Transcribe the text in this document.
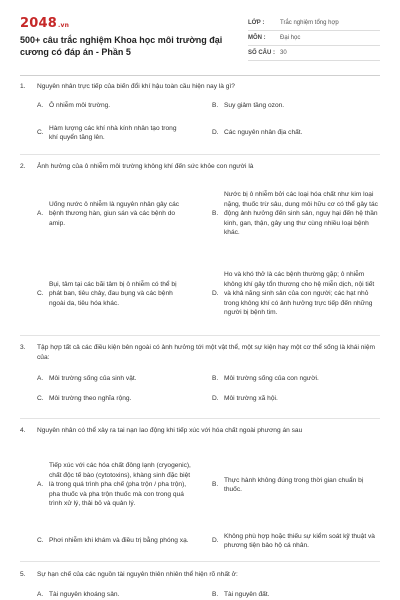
2048.vn
500+ câu trắc nghiệm Khoa học môi trường đại cương có đáp án - Phần 5
LỚP :	Trắc nghiệm tổng hợp
MÔN :	Đại học
SỐ CÂU : 30
1.	Nguyên nhân trực tiếp của biến đổi khí hậu toàn cầu hiện nay là gì?
A. Ô nhiễm môi trường.	B. Suy giảm tầng ozon.
C.
Hàm lượng các khí nhà kính nhân tạo trong khí quyển tăng lên.
D. Các nguyên nhân địa chất.
2.	Ảnh hưởng của ô nhiễm môi trường không khí đến sức khỏe con người là
A.
Uống nước ô nhiễm là nguyên nhân gây các bệnh thương hàn, giun sán và các bệnh do amip.
B.
Nước bị ô nhiễm bởi các loại hóa chất như kim loại nặng, thuốc trừ sâu, dung môi hữu cơ có thể gây tác động ảnh hưởng đến sinh sản, nguy hại đến hệ thần kinh, gan, thận, gây ung thư cùng nhiều loại bệnh khác.
C.
Bụi, tâm tại các bãi tâm bị ô nhiễm có thể bị phát ban, tiêu chảy, đau bụng và các bệnh ngoài da, tiêu hóa khác.
D.
Ho và khó thở là các bệnh thường gặp; ô nhiễm không khí gây tổn thương cho hệ miễn dịch, nội tiết và khả năng sinh sản của con người; các hạt nhỏ trong không khí có ảnh hưởng trực tiếp đến những người bị bệnh tim.
3.	Tập hợp tất cả các điều kiện bên ngoài có ảnh hưởng tới một vật thể, một sự kiện hay một cơ thể sống là khái niệm của:
A. Môi trường sống của sinh vật.	B. Môi trường sống của con người.
C. Môi trường theo nghĩa rộng.	D. Môi trường xã hội.
4.	Nguyên nhân có thể xảy ra tai nạn lao động khi tiếp xúc với hóa chất ngoài phương án sau
A.
Tiếp xúc với các hóa chất đông lạnh (cryogenic), chất độc tế bào (cytotoxins), khàng sinh đặc biệt là trong quá trình pha chế (pha trộn / pha trộn), pha thuốc và pha trộn thuốc mà con trong quá trình xử lý, thải bỏ và quản lý.
B.
Thực hành không đúng trong thời gian chuẩn bị thuốc.
C. Phơi nhiễm khi khám và điều trị bằng phóng xạ.	D.
Không phù hợp hoặc thiếu sự kiểm soát kỹ thuật và phương tiện bảo hộ cá nhân.
5.	Sự hạn chế của các nguồn tài nguyên thiên nhiên thể hiện rõ nhất ở:
A. Tài nguyên khoáng sản.	B. Tài nguyên đất.
